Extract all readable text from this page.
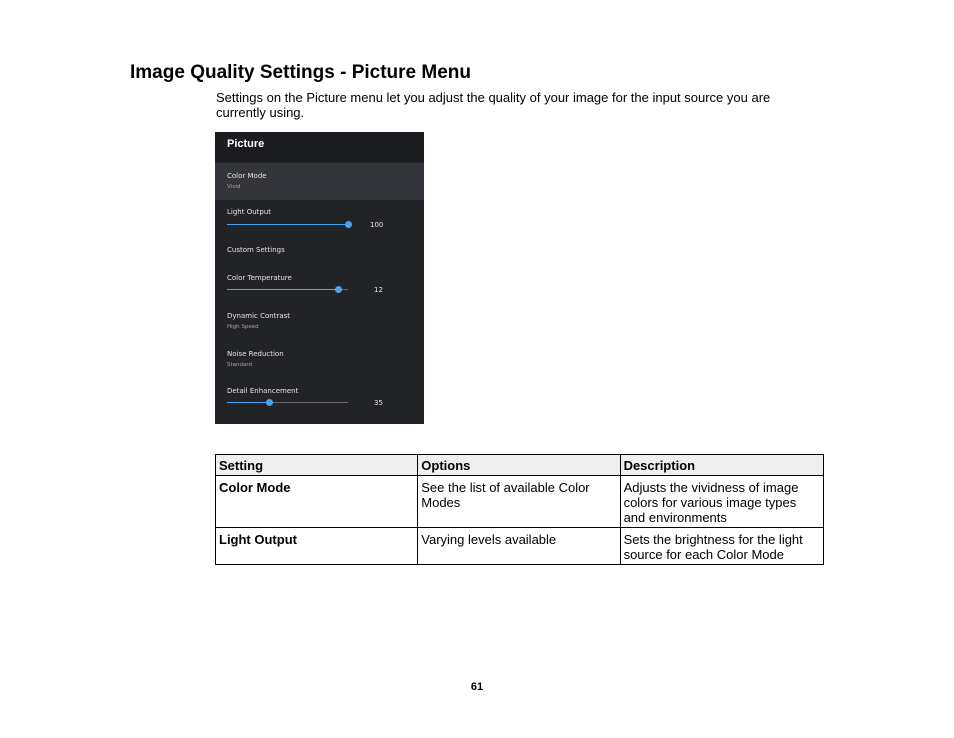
Image Quality Settings - Picture Menu

Settings on the Picture menu let you adjust the quality of your image for the input source you are currently using.

Picture
Color Mode
Vivid
Light Output
100
Custom Settings
Color Temperature
12
Dynamic Contrast
High Speed
Noise Reduction
Standard
Detail Enhancement
35
Setting	Options	Description
Color Mode	See the list of available Color Modes	Adjusts the vividness of image colors for various image types and environments
Light Output	Varying levels available	Sets the brightness for the light source for each Color Mode

61
